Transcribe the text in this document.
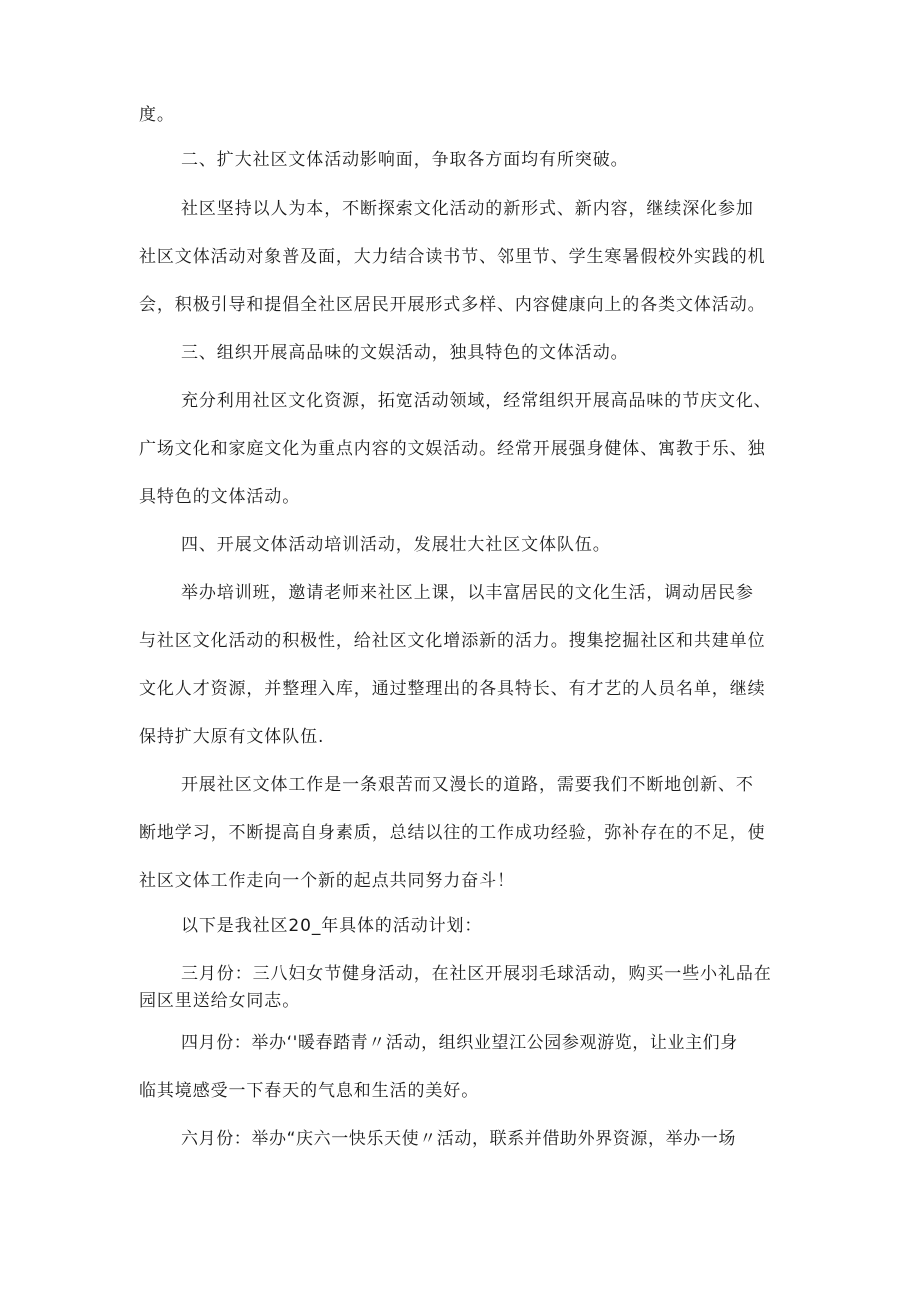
度。
二、扩大社区文体活动影响面，争取各方面均有所突破。
社区坚持以人为本，不断探索文化活动的新形式、新内容，继续深化参加
社区文体活动对象普及面，大力结合读书节、邻里节、学生寒暑假校外实践的机
会，积极引导和提倡全社区居民开展形式多样、内容健康向上的各类文体活动。
三、组织开展高品味的文娱活动，独具特色的文体活动。
充分利用社区文化资源，拓宽活动领域，经常组织开展高品味的节庆文化、
广场文化和家庭文化为重点内容的文娱活动。经常开展强身健体、寓教于乐、独
具特色的文体活动。
四、开展文体活动培训活动，发展壮大社区文体队伍。
举办培训班，邀请老师来社区上课，以丰富居民的文化生活，调动居民参
与社区文化活动的积极性，给社区文化增添新的活力。搜集挖掘社区和共建单位
文化人才资源，并整理入库，通过整理出的各具特长、有才艺的人员名单，继续
保持扩大原有文体队伍.
开展社区文体工作是一条艰苦而又漫长的道路，需要我们不断地创新、不
断地学习，不断提高自身素质，总结以往的工作成功经验，弥补存在的不足，使
社区文体工作走向一个新的起点共同努力奋斗！
以下是我社区20_年具体的活动计划：
三月份：三八妇女节健身活动，在社区开展羽毛球活动，购买一些小礼品在
园区里送给女同志。
四月份：举办‘'暖春踏青〃活动，组织业望江公园参观游览，让业主们身
临其境感受一下春天的气息和生活的美好。
六月份：举办“庆六一快乐天使〃活动，联系并借助外界资源，举办一场
